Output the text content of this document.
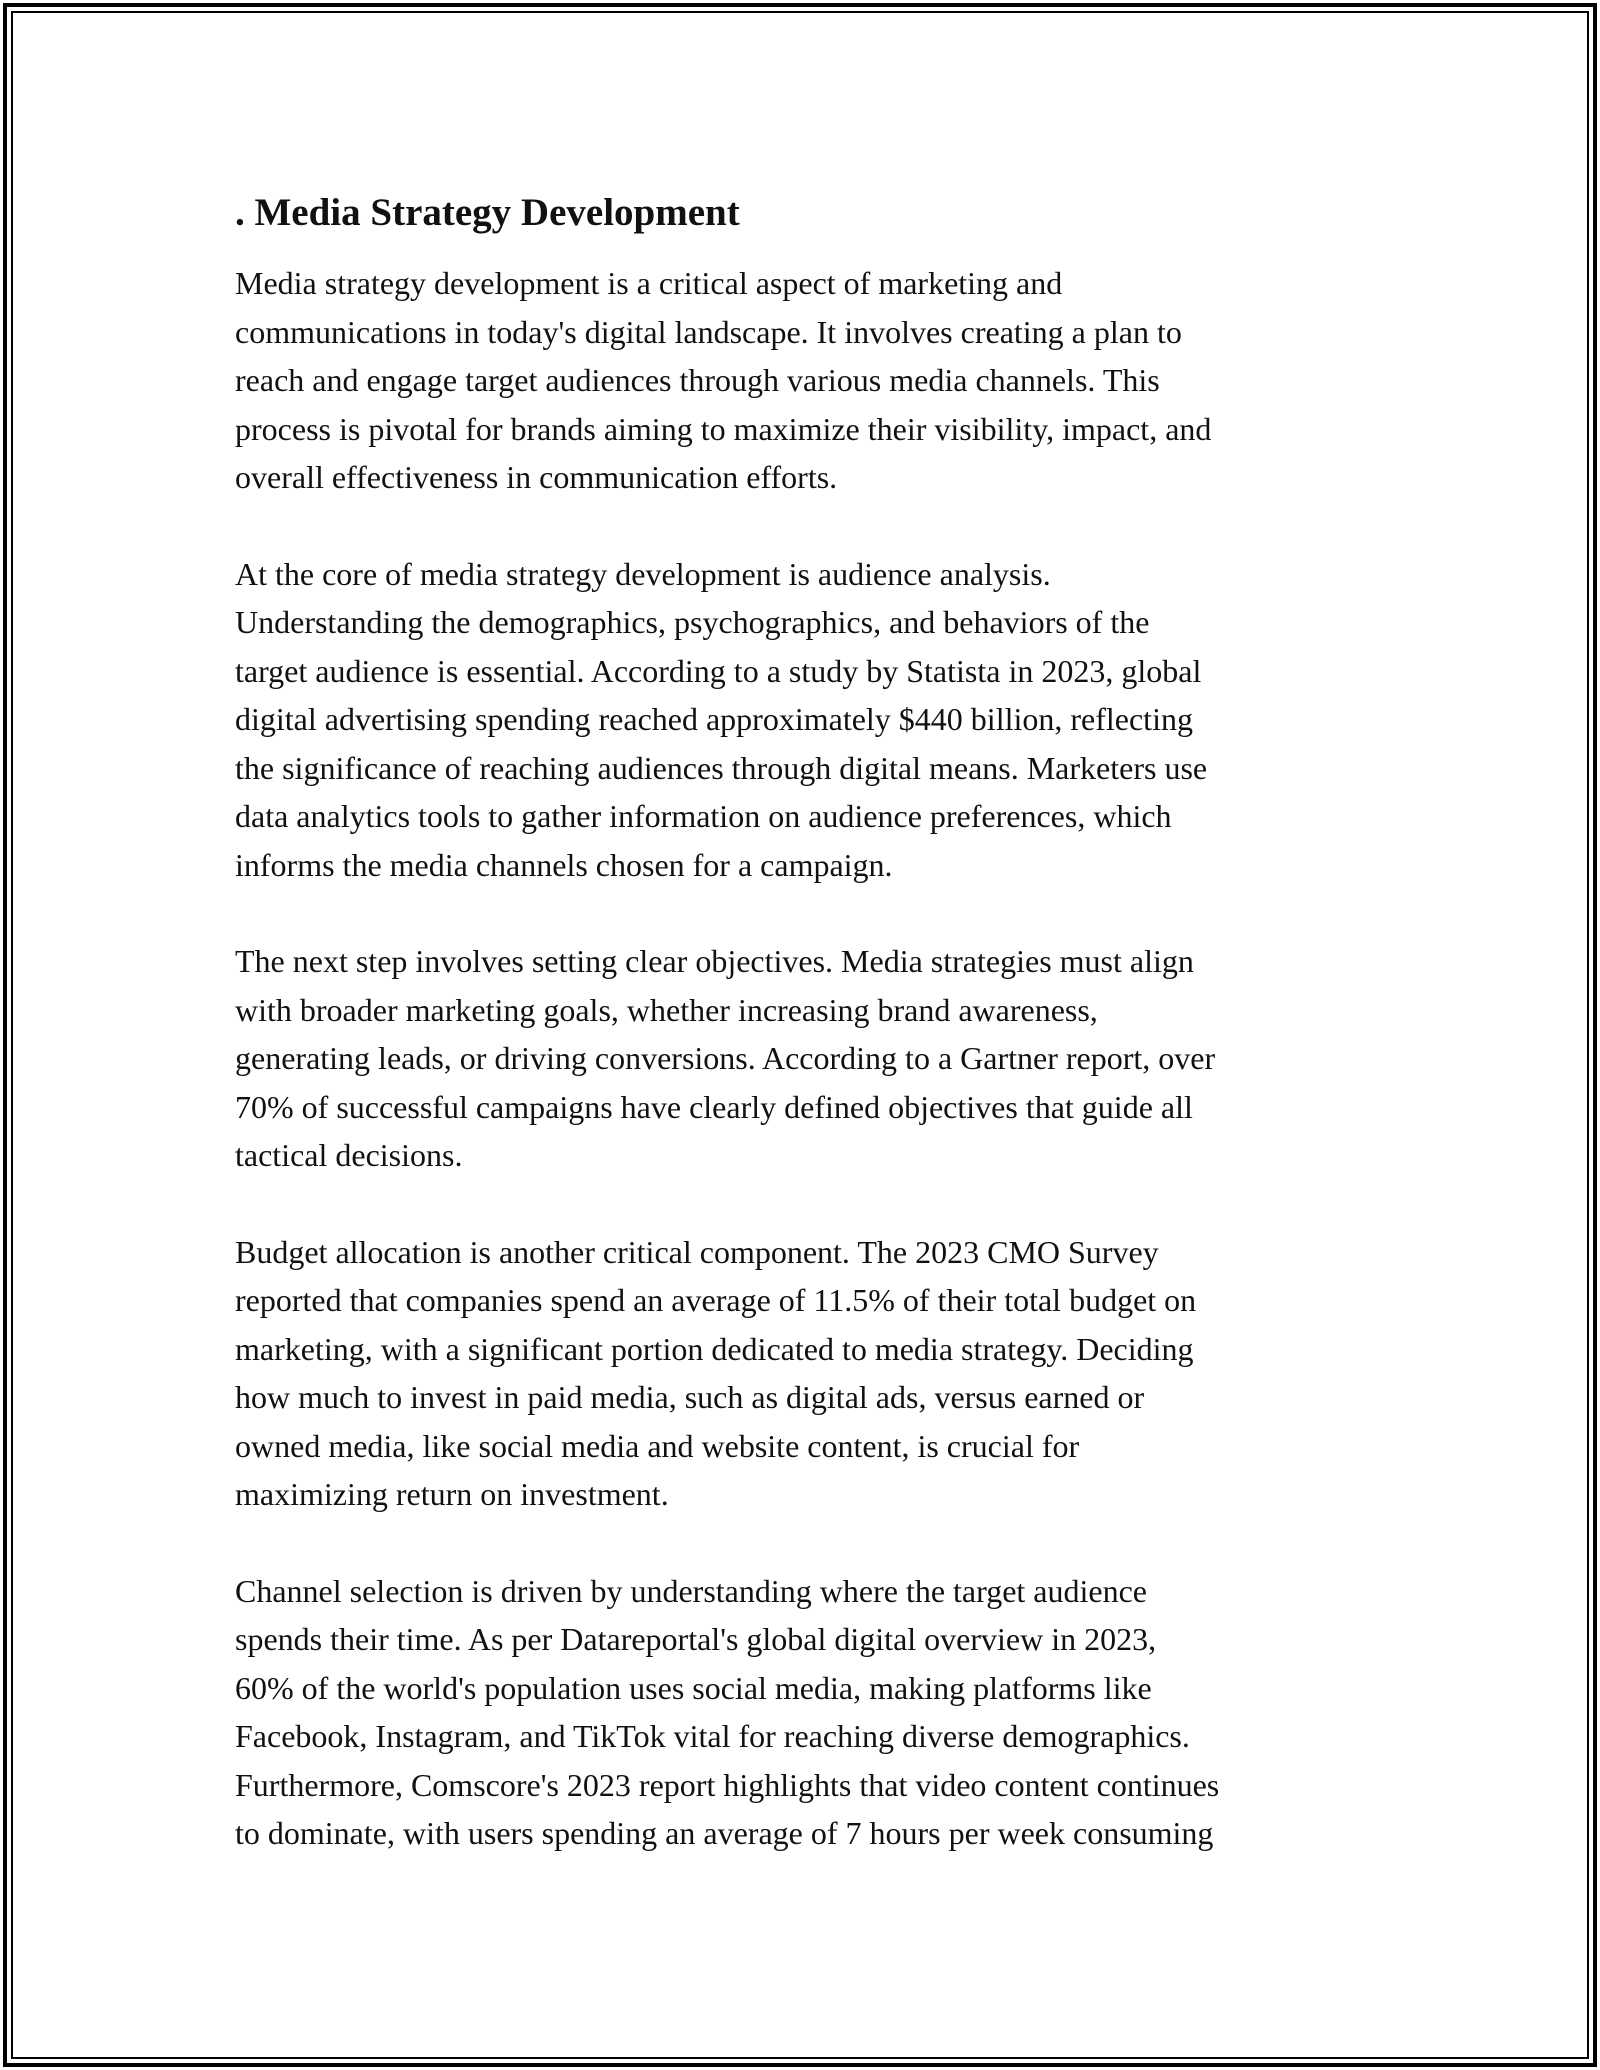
. Media Strategy Development

Media strategy development is a critical aspect of marketing and
communications in today's digital landscape. It involves creating a plan to
reach and engage target audiences through various media channels. This
process is pivotal for brands aiming to maximize their visibility, impact, and
overall effectiveness in communication efforts.

At the core of media strategy development is audience analysis.
Understanding the demographics, psychographics, and behaviors of the
target audience is essential. According to a study by Statista in 2023, global
digital advertising spending reached approximately $440 billion, reflecting
the significance of reaching audiences through digital means. Marketers use
data analytics tools to gather information on audience preferences, which
informs the media channels chosen for a campaign.

The next step involves setting clear objectives. Media strategies must align
with broader marketing goals, whether increasing brand awareness,
generating leads, or driving conversions. According to a Gartner report, over
70% of successful campaigns have clearly defined objectives that guide all
tactical decisions.

Budget allocation is another critical component. The 2023 CMO Survey
reported that companies spend an average of 11.5% of their total budget on
marketing, with a significant portion dedicated to media strategy. Deciding
how much to invest in paid media, such as digital ads, versus earned or
owned media, like social media and website content, is crucial for
maximizing return on investment.

Channel selection is driven by understanding where the target audience
spends their time. As per Datareportal's global digital overview in 2023,
60% of the world's population uses social media, making platforms like
Facebook, Instagram, and TikTok vital for reaching diverse demographics.
Furthermore, Comscore's 2023 report highlights that video content continues
to dominate, with users spending an average of 7 hours per week consuming
